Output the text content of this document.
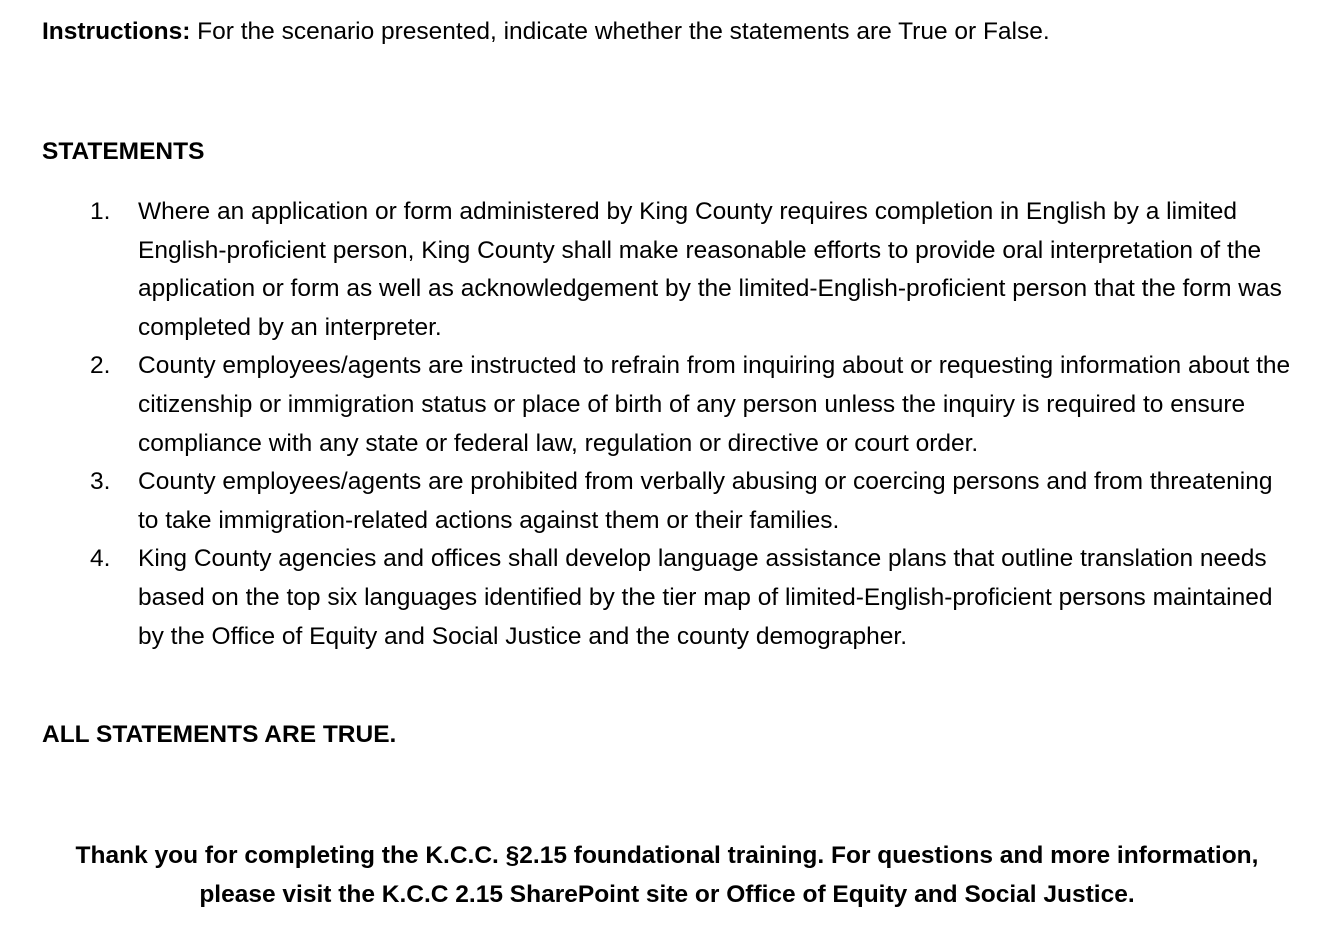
Instructions: For the scenario presented, indicate whether the statements are True or False.
STATEMENTS
1. Where an application or form administered by King County requires completion in English by a limited English-proficient person, King County shall make reasonable efforts to provide oral interpretation of the application or form as well as acknowledgement by the limited-English-proficient person that the form was completed by an interpreter.
2. County employees/agents are instructed to refrain from inquiring about or requesting information about the citizenship or immigration status or place of birth of any person unless the inquiry is required to ensure compliance with any state or federal law, regulation or directive or court order.
3. County employees/agents are prohibited from verbally abusing or coercing persons and from threatening to take immigration-related actions against them or their families.
4. King County agencies and offices shall develop language assistance plans that outline translation needs based on the top six languages identified by the tier map of limited-English-proficient persons maintained by the Office of Equity and Social Justice and the county demographer.
ALL STATEMENTS ARE TRUE.
Thank you for completing the K.C.C. §2.15 foundational training. For questions and more information,
please visit the K.C.C 2.15 SharePoint site or Office of Equity and Social Justice.
